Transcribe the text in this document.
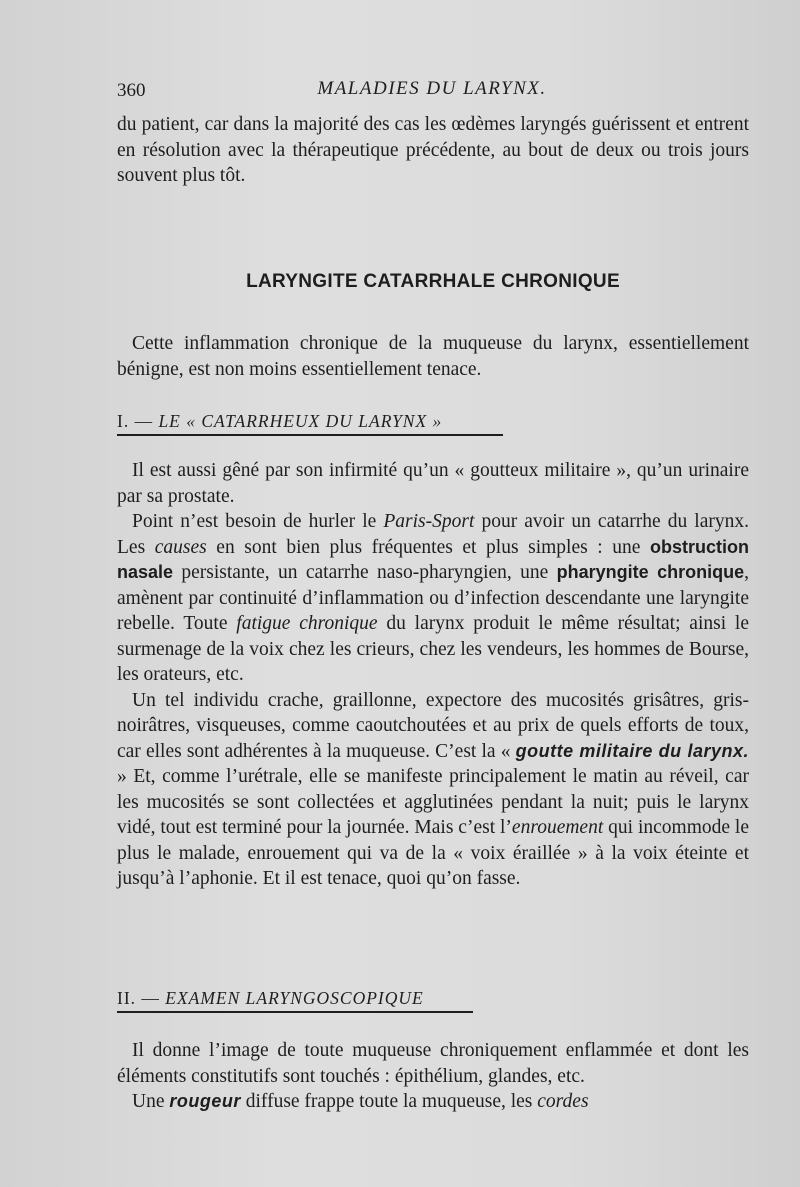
360	MALADIES DU LARYNX.

du patient, car dans la majorité des cas les œdèmes laryngés guérissent et entrent en résolution avec la thérapeutique précédente, au bout de deux ou trois jours souvent plus tôt.

LARYNGITE CATARRHALE CHRONIQUE

Cette inflammation chronique de la muqueuse du larynx, essentiellement bénigne, est non moins essentiellement tenace.

I. — LE « CATARRHEUX DU LARYNX »

Il est aussi gêné par son infirmité qu’un « goutteux militaire », qu’un urinaire par sa prostate.

Point n’est besoin de hurler le Paris-Sport pour avoir un catarrhe du larynx. Les causes en sont bien plus fréquentes et plus simples : une obstruction nasale persistante, un catarrhe naso-pharyngien, une pharyngite chronique, amènent par continuité d’inflammation ou d’infection descendante une laryngite rebelle. Toute fatigue chronique du larynx produit le même résultat; ainsi le surmenage de la voix chez les crieurs, chez les vendeurs, les hommes de Bourse, les orateurs, etc.

Un tel individu crache, graillonne, expectore des mucosités grisâtres, gris-noirâtres, visqueuses, comme caoutchoutées et au prix de quels efforts de toux, car elles sont adhérentes à la muqueuse. C’est la « goutte militaire du larynx. » Et, comme l’urétrale, elle se manifeste principalement le matin au réveil, car les mucosités se sont collectées et agglutinées pendant la nuit; puis le larynx vidé, tout est terminé pour la journée. Mais c’est l’enrouement qui incommode le plus le malade, enrouement qui va de la « voix éraillée » à la voix éteinte et jusqu’à l’aphonie. Et il est tenace, quoi qu’on fasse.

II. — EXAMEN LARYNGOSCOPIQUE

Il donne l’image de toute muqueuse chroniquement enflammée et dont les éléments constitutifs sont touchés : épithélium, glandes, etc.

Une rougeur diffuse frappe toute la muqueuse, les cordes
